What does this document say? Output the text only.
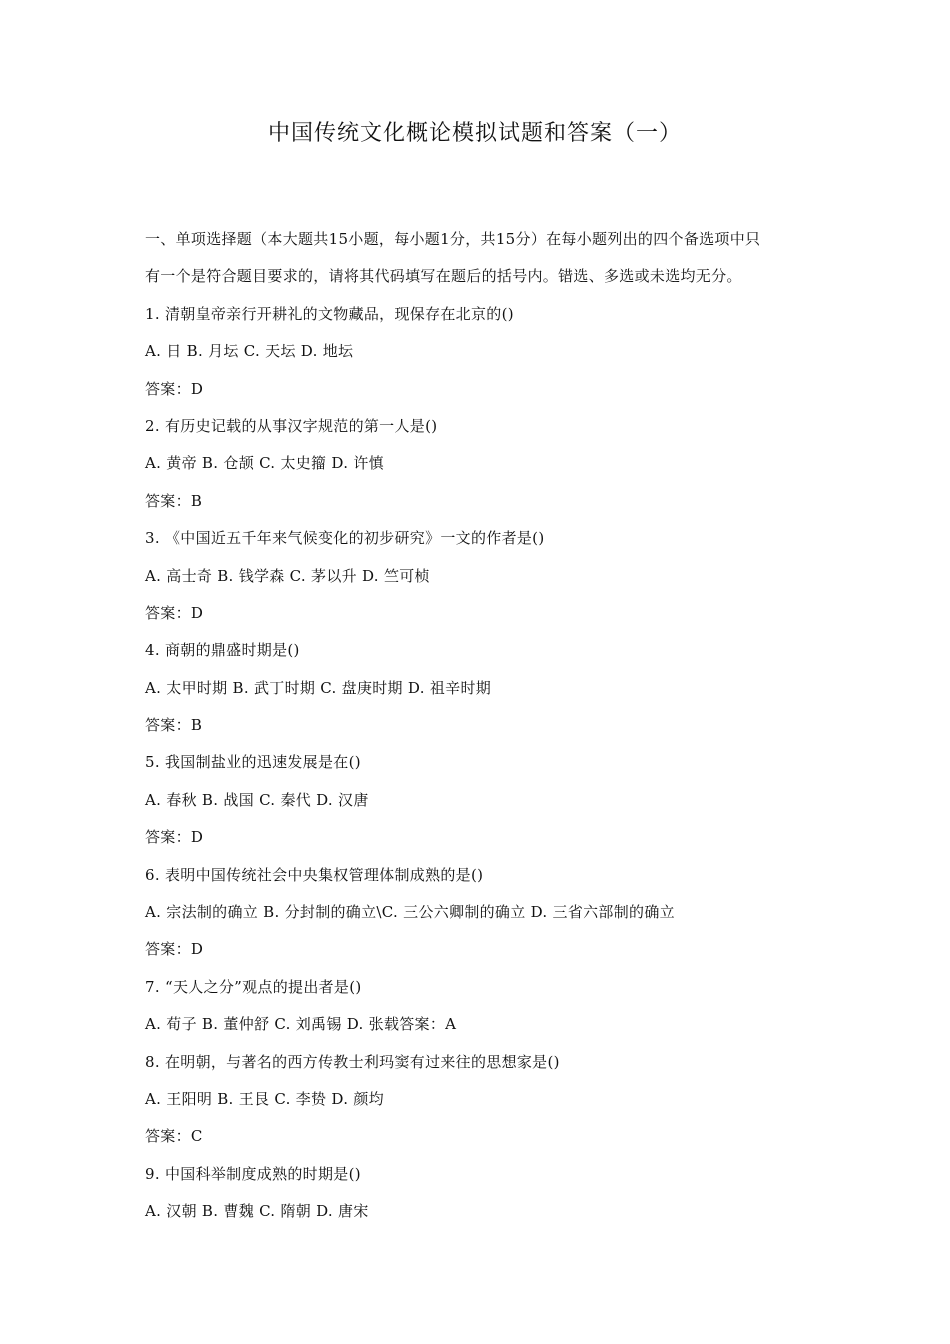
中国传统文化概论模拟试题和答案（一）
一、单项选择题（本大题共15小题，每小题1分，共15分）在每小题列出的四个备选项中只
有一个是符合题目要求的，请将其代码填写在题后的括号内。错选、多选或未选均无分。
1. 清朝皇帝亲行开耕礼的文物藏品，现保存在北京的()
A. 日 B. 月坛 C. 天坛 D. 地坛
答案：D
2. 有历史记载的从事汉字规范的第一人是()
A. 黄帝 B. 仓颉 C. 太史籀 D. 许慎
答案：B
3. 《中国近五千年来气候变化的初步研究》一文的作者是()
A. 高士奇 B. 钱学森 C. 茅以升 D. 竺可桢
答案：D
4. 商朝的鼎盛时期是()
A. 太甲时期 B. 武丁时期 C. 盘庚时期 D. 祖辛时期
答案：B
5. 我国制盐业的迅速发展是在()
A. 春秋 B. 战国 C. 秦代 D. 汉唐
答案：D
6. 表明中国传统社会中央集权管理体制成熟的是()
A. 宗法制的确立 B. 分封制的确立\C. 三公六卿制的确立 D. 三省六部制的确立
答案：D
7. “天人之分”观点的提出者是()
A. 荀子 B. 董仲舒 C. 刘禹锡 D. 张载答案：A
8. 在明朝，与著名的西方传教士利玛窦有过来往的思想家是()
A. 王阳明 B. 王艮 C. 李贽 D. 颜均
答案：C
9. 中国科举制度成熟的时期是()
A. 汉朝 B. 曹魏 C. 隋朝 D. 唐宋
